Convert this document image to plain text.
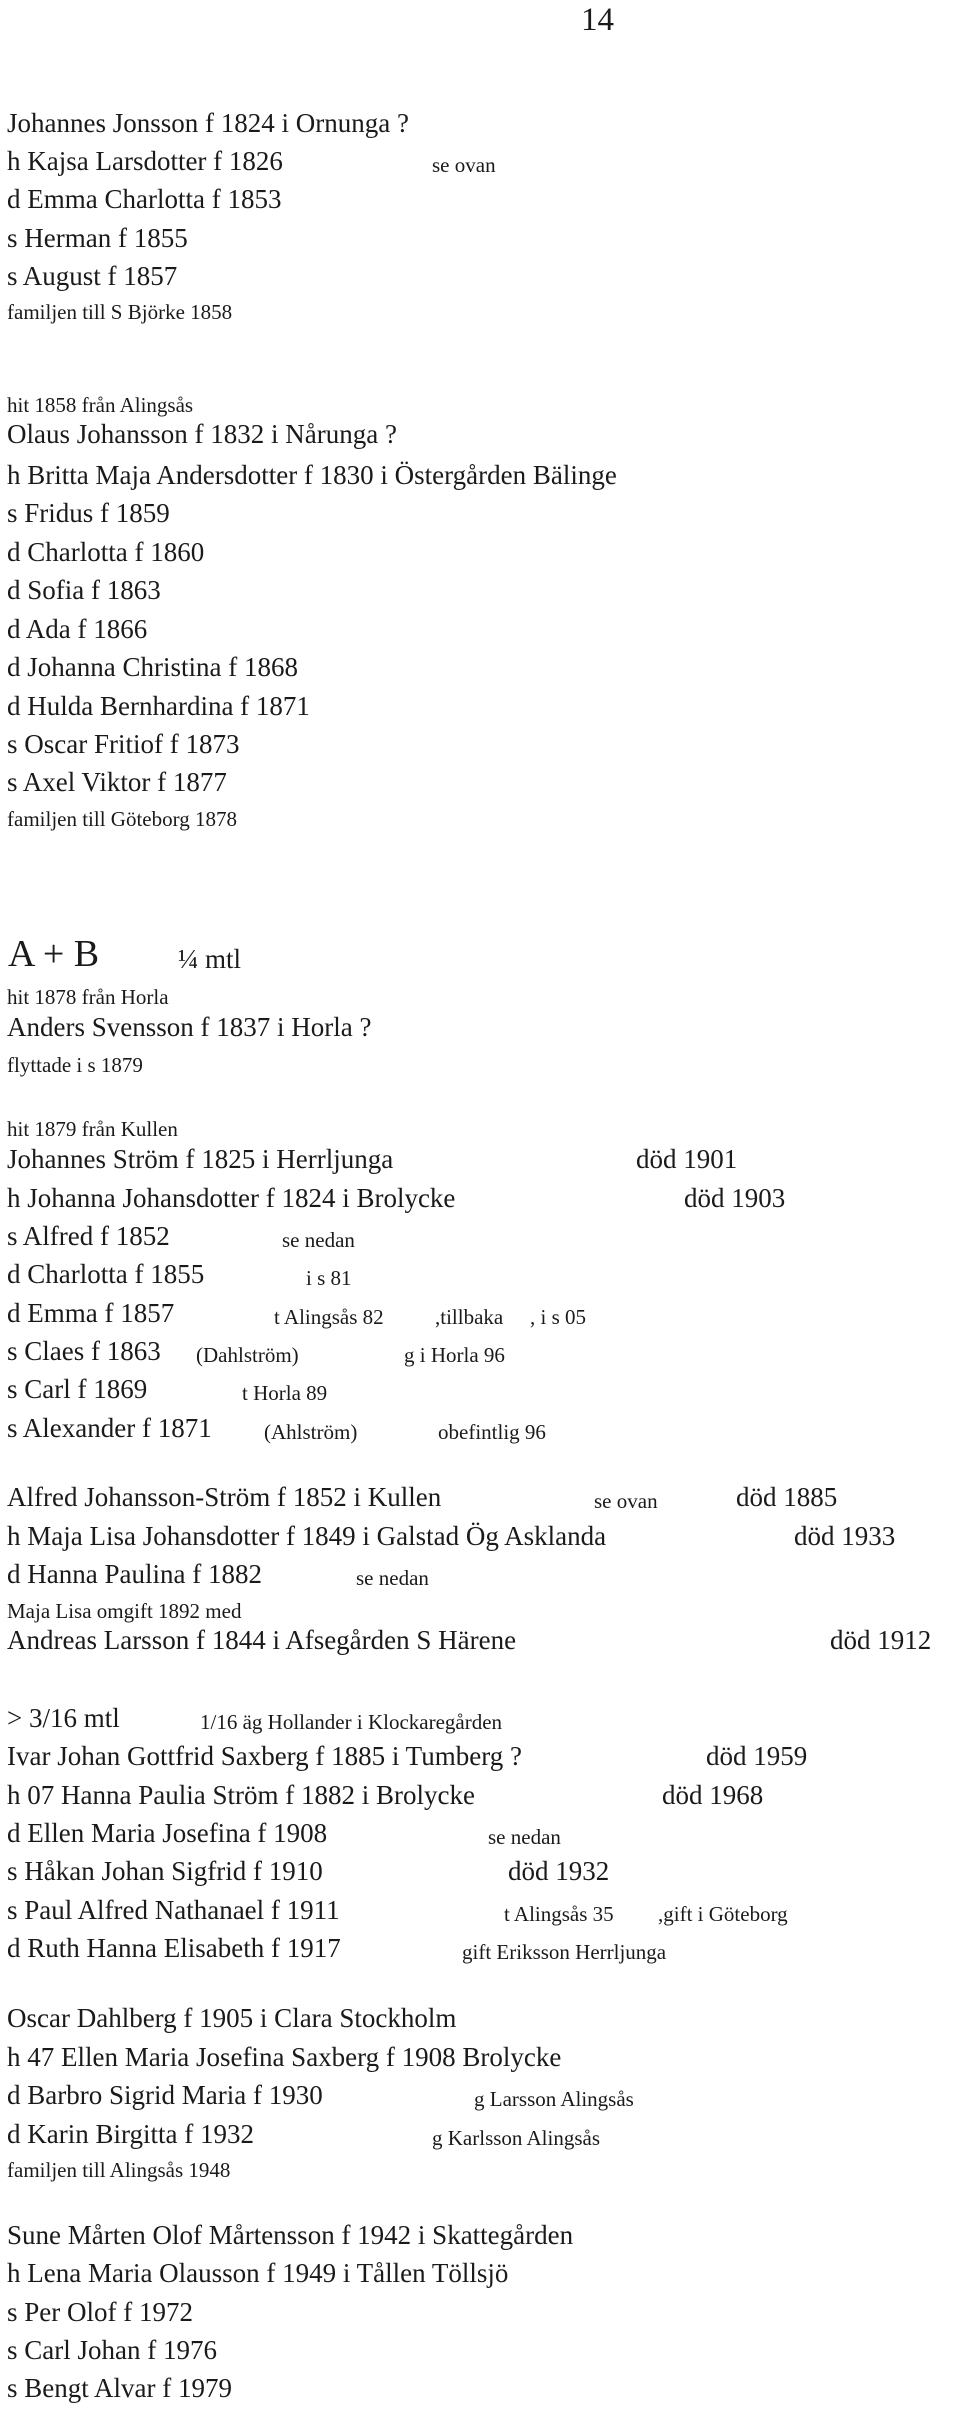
14
Johannes Jonsson f 1824 i Ornunga ?
h Kajsa Larsdotter f 1826	se ovan
d Emma Charlotta f 1853
s Herman f 1855
s August f 1857
familjen till S Björke 1858
hit 1858 från Alingsås
Olaus Johansson f 1832 i Nårunga ?
h Britta Maja Andersdotter f 1830 i Östergården Bälinge
s Fridus f 1859
d Charlotta f 1860
d Sofia f 1863
d Ada f 1866
d Johanna Christina f 1868
d Hulda Bernhardina f 1871
s Oscar Fritiof f 1873
s Axel Viktor f 1877
familjen till Göteborg 1878
A + B	¼ mtl
hit 1878 från Horla
Anders Svensson f 1837 i Horla ?
flyttade i s 1879
hit 1879 från Kullen
Johannes Ström f 1825 i Herrljunga	död 1901
h Johanna Johansdotter f 1824 i Brolycke	död 1903
s Alfred f 1852	se nedan
d Charlotta f 1855	i s 81
d Emma f 1857	t Alingsås 82 ,tillbaka , i s 05
s Claes f 1863 (Dahlström)	g i Horla 96
s Carl f 1869	t Horla 89
s Alexander f 1871 (Ahlström)	obefintlig 96
Alfred Johansson-Ström f 1852 i Kullen	se ovan	död 1885
h Maja Lisa Johansdotter f 1849 i Galstad Ög Asklanda	död 1933
d Hanna Paulina f 1882	se nedan
Maja Lisa omgift 1892 med
Andreas Larsson f 1844 i Afsegården S Härene	död 1912
> 3/16 mtl	1/16 äg Hollander i Klockaregården
Ivar Johan Gottfrid Saxberg f 1885 i Tumberg ?	död 1959
h 07 Hanna Paulia Ström f 1882 i Brolycke	död 1968
d Ellen Maria Josefina f 1908	se nedan
s Håkan Johan Sigfrid f 1910	död 1932
s Paul Alfred Nathanael f 1911	t Alingsås 35 ,gift i Göteborg
d Ruth Hanna Elisabeth f 1917	gift Eriksson Herrljunga
Oscar Dahlberg f 1905 i Clara Stockholm
h 47 Ellen Maria Josefina Saxberg f 1908 Brolycke
d Barbro Sigrid Maria f 1930	g Larsson Alingsås
d Karin Birgitta f 1932	g Karlsson Alingsås
familjen till Alingsås 1948
Sune Mårten Olof Mårtensson f 1942 i Skattegården
h Lena Maria Olausson f 1949 i Tållen Töllsjö
s Per Olof f 1972
s Carl Johan f 1976
s Bengt Alvar f 1979
